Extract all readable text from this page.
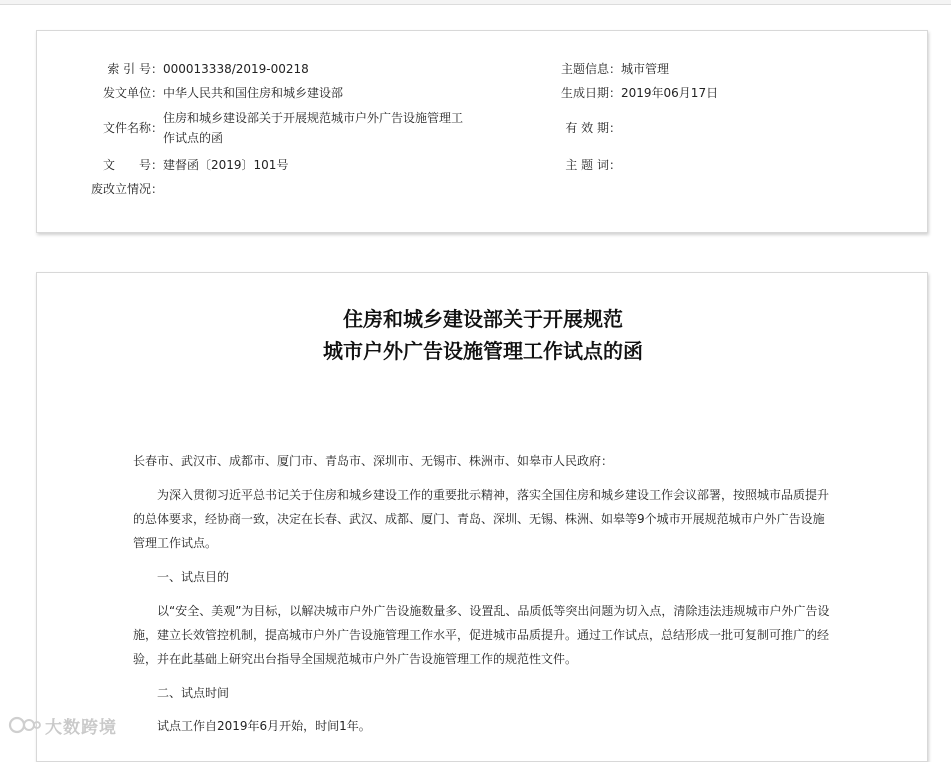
索 引 号：000013338/2019-00218
发文单位：中华人民共和国住房和城乡建设部
文件名称：住房和城乡建设部关于开展规范城市户外广告设施管理工作试点的函
文　　号：建督函〔2019〕101号
废改立情况：
主题信息：城市管理
生成日期：2019年06月17日
有 效 期：
主 题 词：
住房和城乡建设部关于开展规范
城市户外广告设施管理工作试点的函
长春市、武汉市、成都市、厦门市、青岛市、深圳市、无锡市、株洲市、如皋市人民政府：
为深入贯彻习近平总书记关于住房和城乡建设工作的重要批示精神，落实全国住房和城乡建设工作会议部署，按照城市品质提升的总体要求，经协商一致，决定在长春、武汉、成都、厦门、青岛、深圳、无锡、株洲、如皋等9个城市开展规范城市户外广告设施管理工作试点。
一、试点目的
以“安全、美观”为目标，以解决城市户外广告设施数量多、设置乱、品质低等突出问题为切入点，清除违法违规城市户外广告设施，建立长效管控机制，提高城市户外广告设施管理工作水平，促进城市品质提升。通过工作试点，总结形成一批可复制可推广的经验，并在此基础上研究出台指导全国规范城市户外广告设施管理工作的规范性文件。
二、试点时间
试点工作自2019年6月开始，时间1年。
大数跨境
